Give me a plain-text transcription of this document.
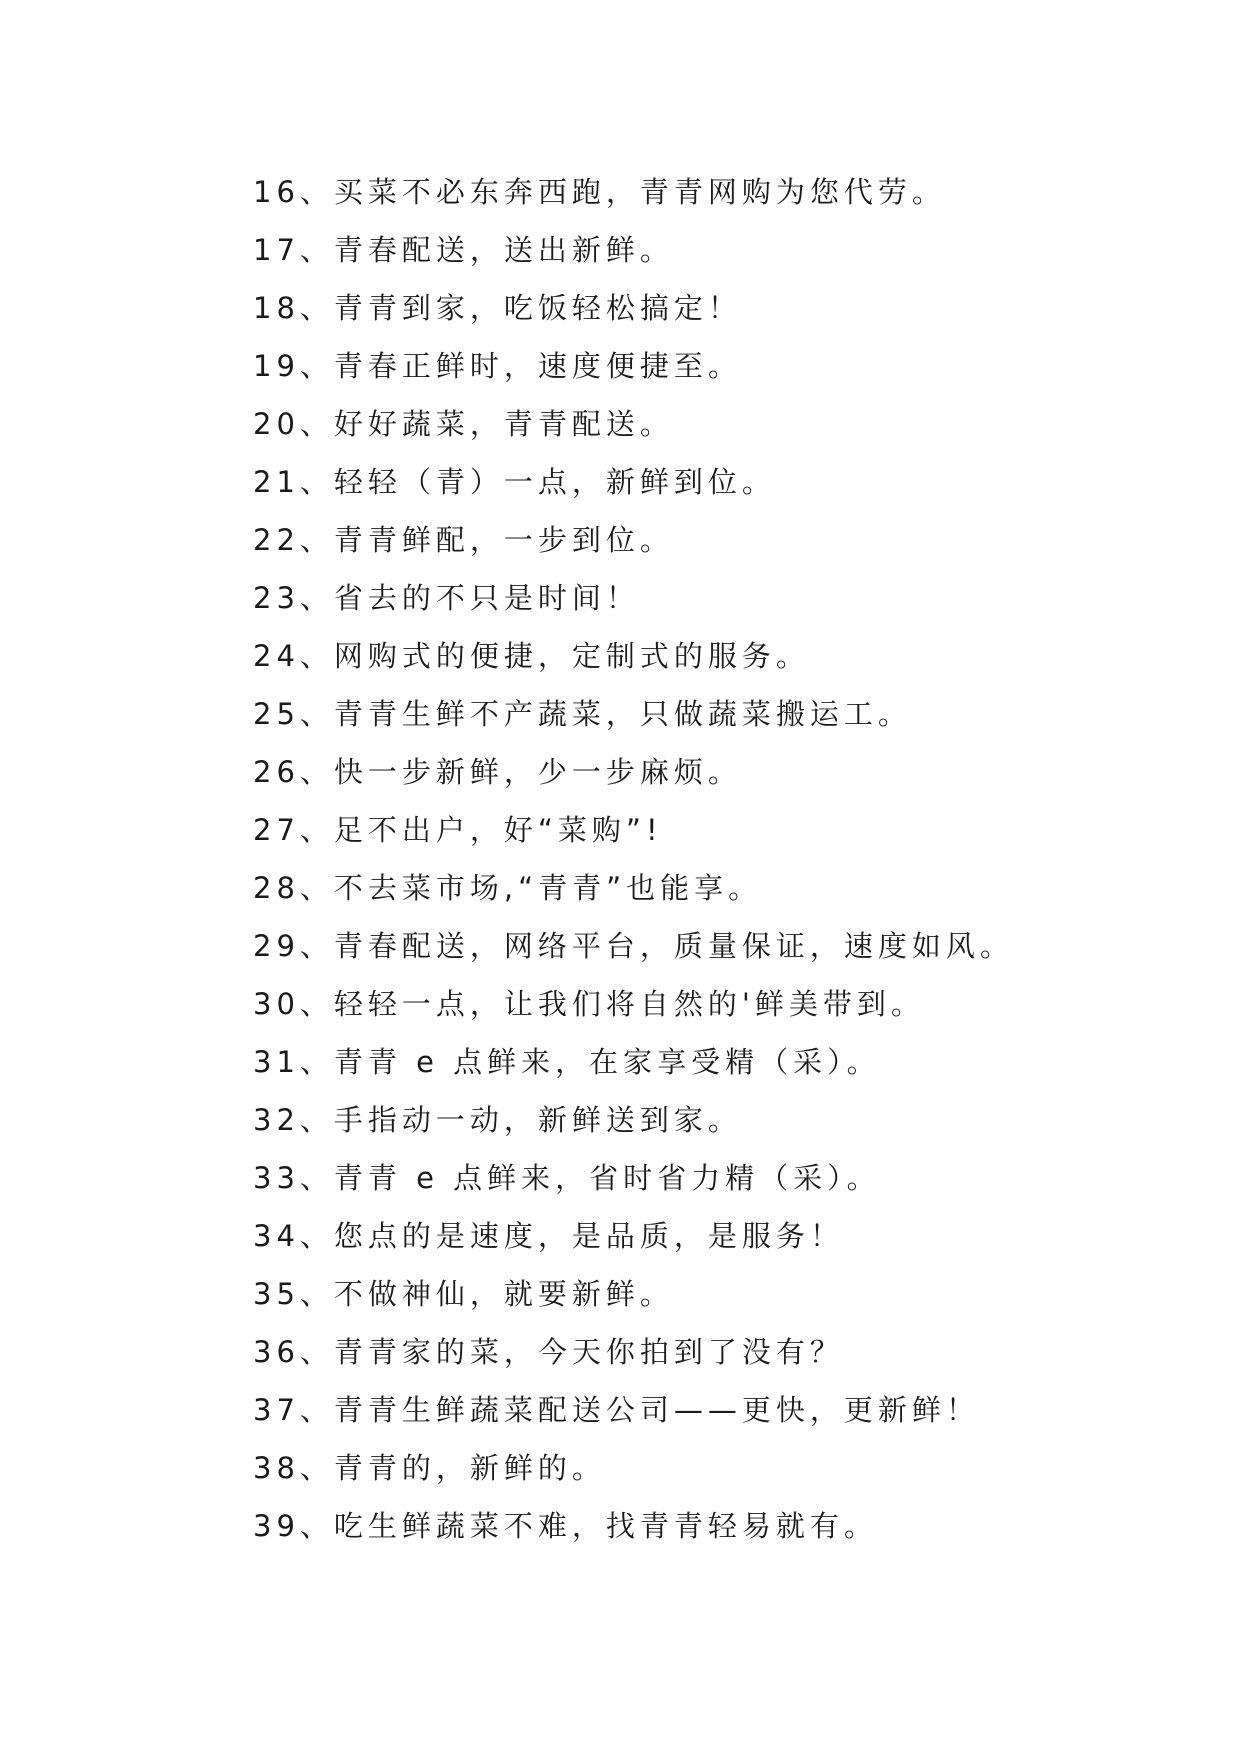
16、买菜不必东奔西跑，青青网购为您代劳。
17、青春配送，送出新鲜。
18、青青到家，吃饭轻松搞定！
19、青春正鲜时，速度便捷至。
20、好好蔬菜，青青配送。
21、轻轻（青）一点，新鲜到位。
22、青青鲜配，一步到位。
23、省去的不只是时间！
24、网购式的便捷，定制式的服务。
25、青青生鲜不产蔬菜，只做蔬菜搬运工。
26、快一步新鲜，少一步麻烦。
27、足不出户，好“菜购”!
28、不去菜市场,“青青”也能享。
29、青春配送，网络平台，质量保证，速度如风。
30、轻轻一点，让我们将自然的'鲜美带到。
31、青青 e 点鲜来，在家享受精（采）。
32、手指动一动，新鲜送到家。
33、青青 e 点鲜来，省时省力精（采）。
34、您点的是速度，是品质，是服务！
35、不做神仙，就要新鲜。
36、青青家的菜，今天你拍到了没有？
37、青青生鲜蔬菜配送公司——更快，更新鲜！
38、青青的，新鲜的。
39、吃生鲜蔬菜不难，找青青轻易就有。
